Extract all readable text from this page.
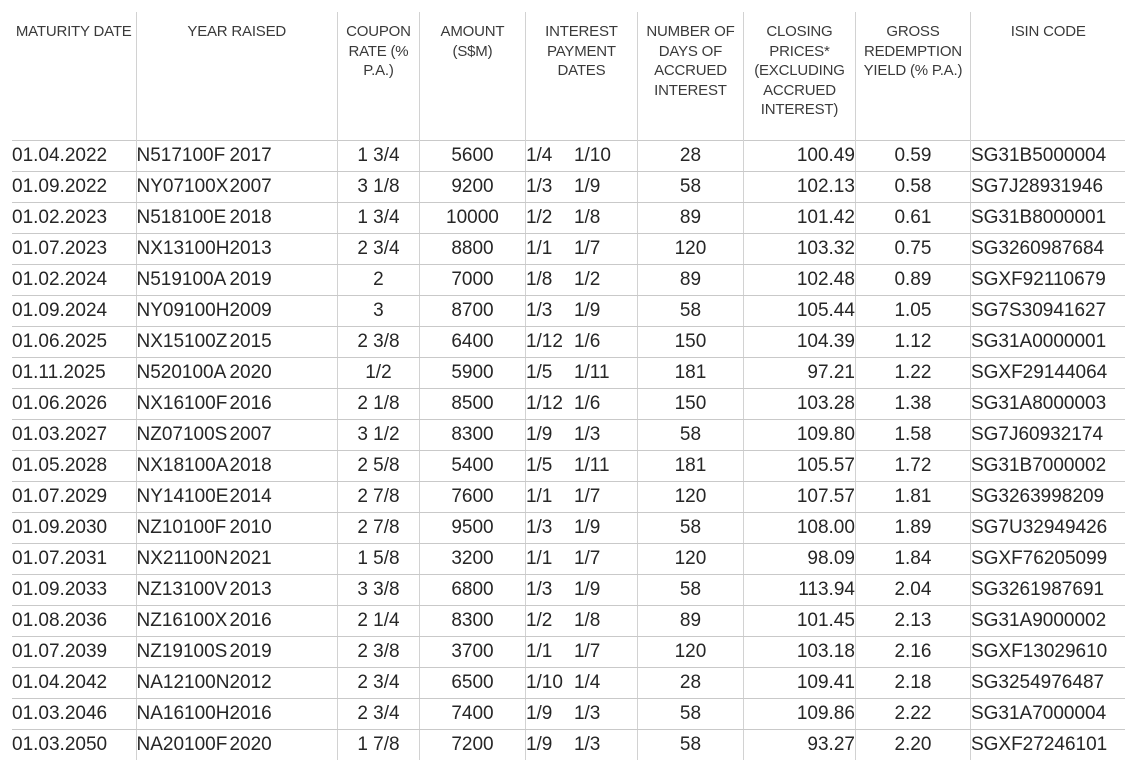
MATURITY DATE	YEAR RAISED		COUPON RATE (% P.A.)	AMOUNT (S$M)	INTEREST PAYMENT DATES	NUMBER OF DAYS OF ACCRUED INTEREST	CLOSING PRICES* (EXCLUDING ACCRUED INTEREST)	GROSS REDEMPTION YIELD (% P.A.)	ISIN CODE
01.04.2022	N517100F	2017	1 3/4	5600	1/4 1/10	28	100.49	0.59	SG31B5000004
01.09.2022	NY07100X	2007	3 1/8	9200	1/3 1/9	58	102.13	0.58	SG7J28931946
01.02.2023	N518100E	2018	1 3/4	10000	1/2 1/8	89	101.42	0.61	SG31B8000001
01.07.2023	NX13100H	2013	2 3/4	8800	1/1 1/7	120	103.32	0.75	SG3260987684
01.02.2024	N519100A	2019	2	7000	1/8 1/2	89	102.48	0.89	SGXF92110679
01.09.2024	NY09100H	2009	3	8700	1/3 1/9	58	105.44	1.05	SG7S30941627
01.06.2025	NX15100Z	2015	2 3/8	6400	1/12 1/6	150	104.39	1.12	SG31A0000001
01.11.2025	N520100A	2020	1/2	5900	1/5 1/11	181	97.21	1.22	SGXF29144064
01.06.2026	NX16100F	2016	2 1/8	8500	1/12 1/6	150	103.28	1.38	SG31A8000003
01.03.2027	NZ07100S	2007	3 1/2	8300	1/9 1/3	58	109.80	1.58	SG7J60932174
01.05.2028	NX18100A	2018	2 5/8	5400	1/5 1/11	181	105.57	1.72	SG31B7000002
01.07.2029	NY14100E	2014	2 7/8	7600	1/1 1/7	120	107.57	1.81	SG3263998209
01.09.2030	NZ10100F	2010	2 7/8	9500	1/3 1/9	58	108.00	1.89	SG7U32949426
01.07.2031	NX21100N	2021	1 5/8	3200	1/1 1/7	120	98.09	1.84	SGXF76205099
01.09.2033	NZ13100V	2013	3 3/8	6800	1/3 1/9	58	113.94	2.04	SG3261987691
01.08.2036	NZ16100X	2016	2 1/4	8300	1/2 1/8	89	101.45	2.13	SG31A9000002
01.07.2039	NZ19100S	2019	2 3/8	3700	1/1 1/7	120	103.18	2.16	SGXF13029610
01.04.2042	NA12100N	2012	2 3/4	6500	1/10 1/4	28	109.41	2.18	SG3254976487
01.03.2046	NA16100H	2016	2 3/4	7400	1/9 1/3	58	109.86	2.22	SG31A7000004
01.03.2050	NA20100F	2020	1 7/8	7200	1/9 1/3	58	93.27	2.20	SGXF27246101
